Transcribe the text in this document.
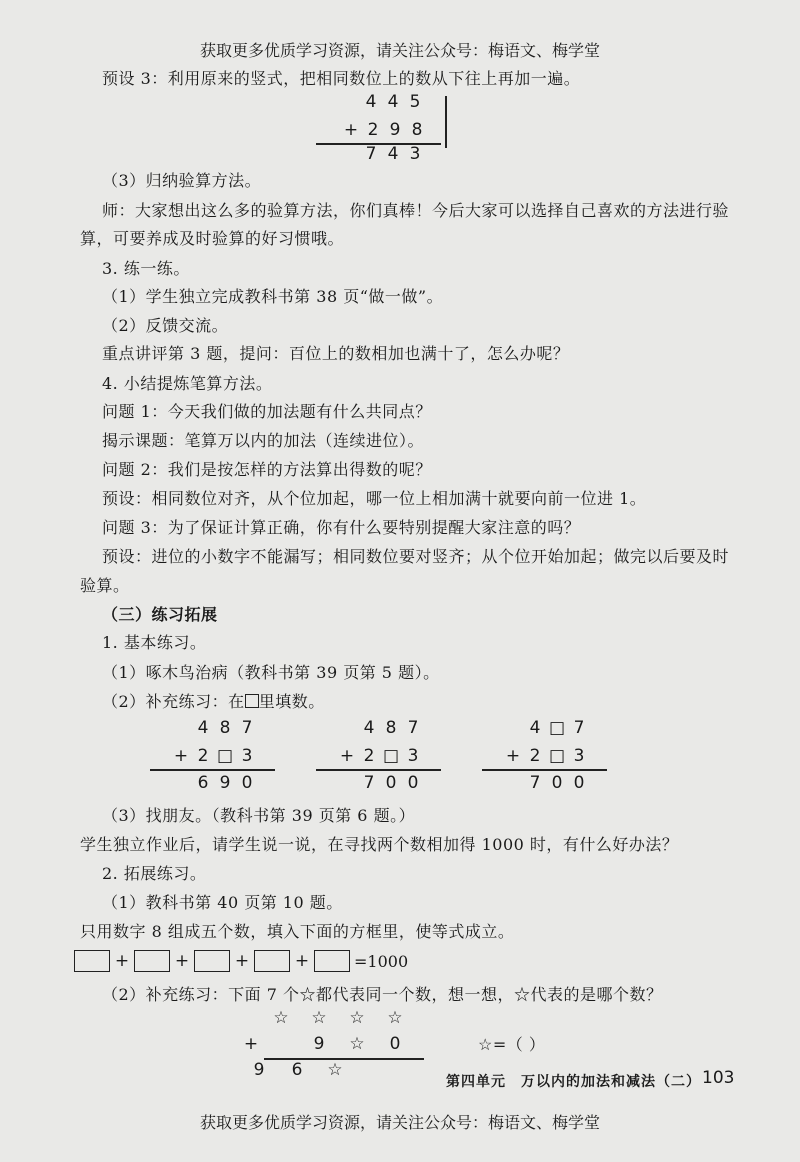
获取更多优质学习资源，请关注公众号：梅语文、梅学堂
预设 3：利用原来的竖式，把相同数位上的数从下往上再加一遍。
4 4 5
+ 2 9 8
7 4 3
（3）归纳验算方法。
师：大家想出这么多的验算方法，你们真棒！今后大家可以选择自己喜欢的方法进行验
算，可要养成及时验算的好习惯哦。
3. 练一练。
（1）学生独立完成教科书第 38 页“做一做”。
（2）反馈交流。
重点讲评第 3 题，提问：百位上的数相加也满十了，怎么办呢？
4. 小结提炼笔算方法。
问题 1：今天我们做的加法题有什么共同点？
揭示课题：笔算万以内的加法（连续进位）。
问题 2：我们是按怎样的方法算出得数的呢？
预设：相同数位对齐，从个位加起，哪一位上相加满十就要向前一位进 1。
问题 3：为了保证计算正确，你有什么要特别提醒大家注意的吗？
预设：进位的小数字不能漏写；相同数位要对竖齐；从个位开始加起；做完以后要及时
验算。
（三）练习拓展
1. 基本练习。
（1）啄木鸟治病（教科书第 39 页第 5 题）。
（2）补充练习：在 里填数。
4 8 7
+ 2 □ 3
6 9 0
4 8 7
+ 2 □ 3
7 0 0
4 □ 7
+ 2 □ 3
7 0 0
（3）找朋友。（教科书第 39 页第 6 题。）
学生独立作业后，请学生说一说，在寻找两个数相加得 1000 时，有什么好办法？
2. 拓展练习。
（1）教科书第 40 页第 10 题。
只用数字 8 组成五个数，填入下面的方框里，使等式成立。
+	+	+	+	=1000
（2）补充练习：下面 7 个☆都代表同一个数，想一想，☆代表的是哪个数？
☆ ☆ ☆ ☆
+	9 ☆ 0
9 6 ☆
☆=（ ）
第四单元　万以内的加法和减法（二） 103
获取更多优质学习资源，请关注公众号：梅语文、梅学堂
